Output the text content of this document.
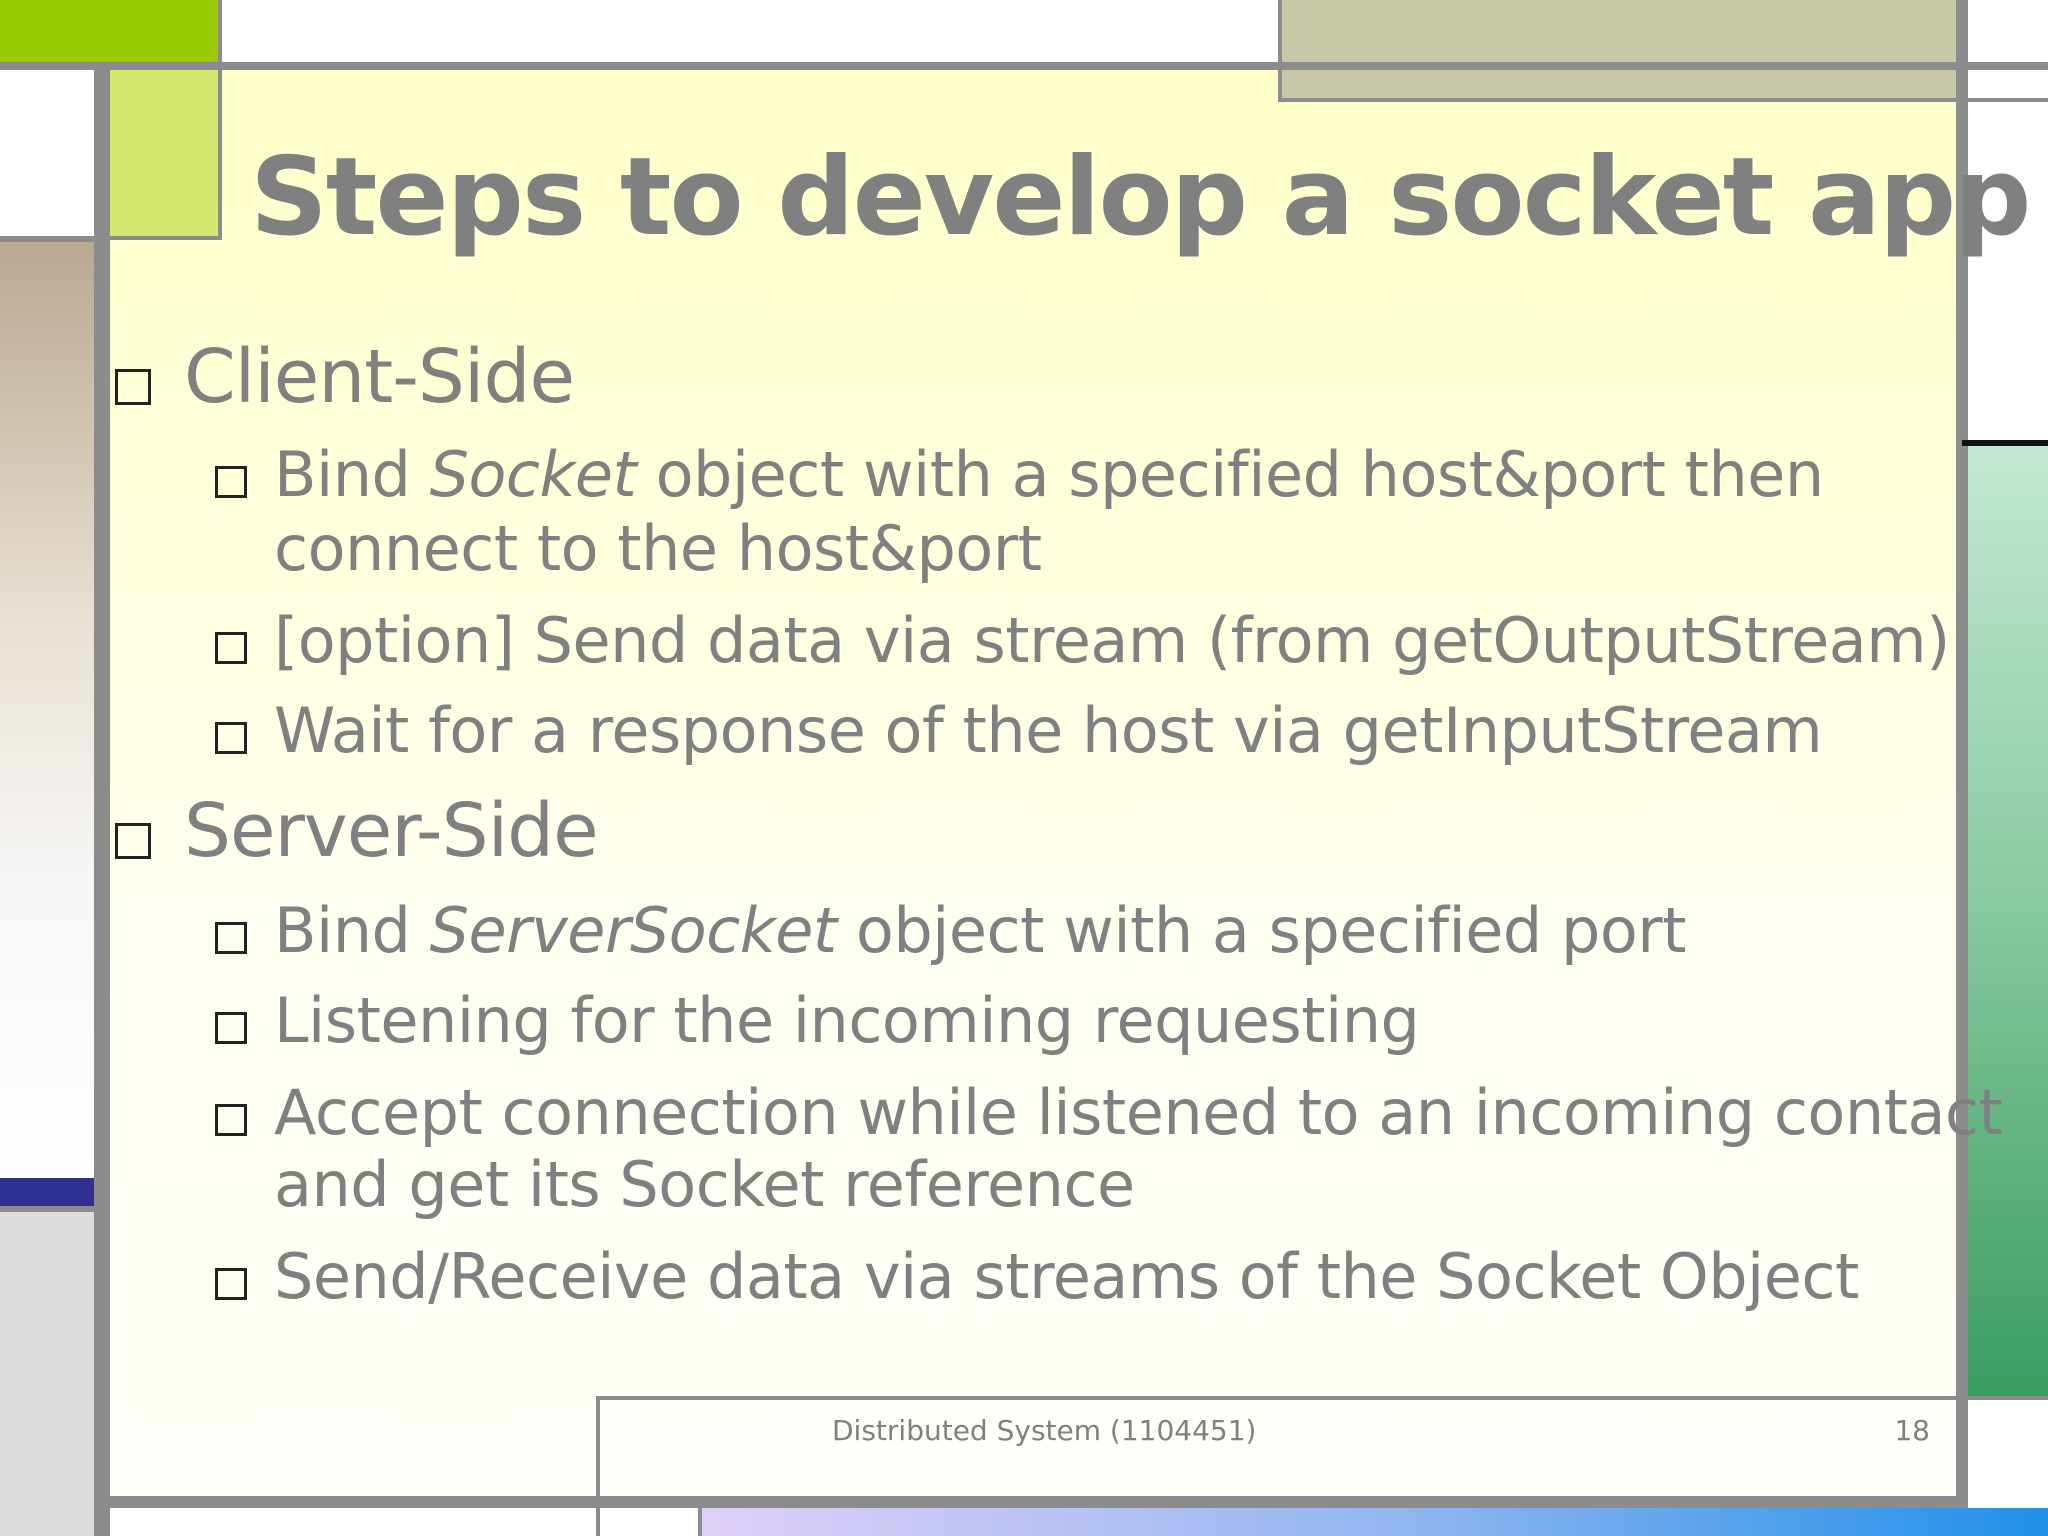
Steps to develop a socket app
Client-Side
Bind Socket object with a specified host&port then
connect to the host&port
[option] Send data via stream (from getOutputStream)
Wait for a response of the host via getInputStream
Server-Side
Bind ServerSocket object with a specified port
Listening for the incoming requesting
Accept connection while listened to an incoming contact
and get its Socket reference
Send/Receive data via streams of the Socket Object
Distributed System (1104451)	18
